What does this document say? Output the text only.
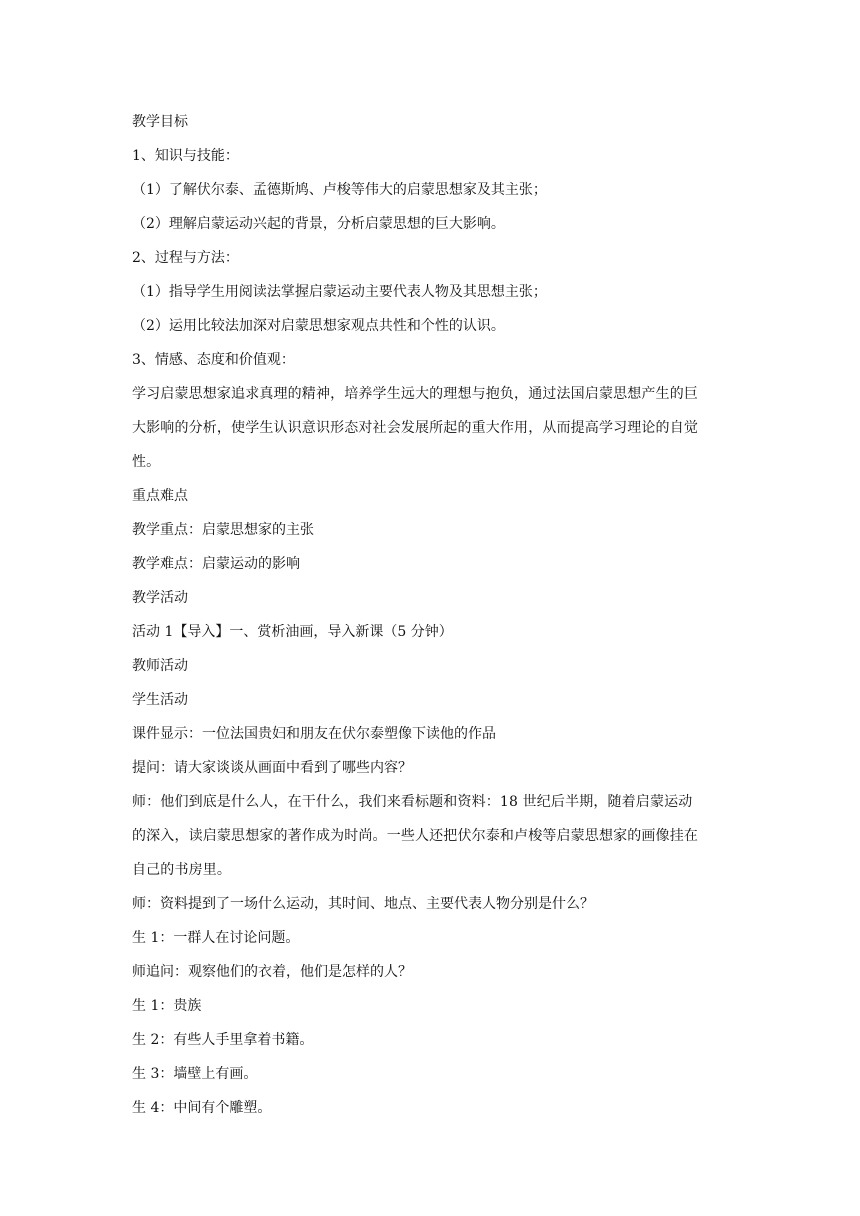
教学目标
1、知识与技能：
（1）了解伏尔泰、孟德斯鸠、卢梭等伟大的启蒙思想家及其主张；
（2）理解启蒙运动兴起的背景，分析启蒙思想的巨大影响。
2、过程与方法：
（1）指导学生用阅读法掌握启蒙运动主要代表人物及其思想主张；
（2）运用比较法加深对启蒙思想家观点共性和个性的认识。
3、情感、态度和价值观：
学习启蒙思想家追求真理的精神，培养学生远大的理想与抱负，通过法国启蒙思想产生的巨
大影响的分析，使学生认识意识形态对社会发展所起的重大作用，从而提高学习理论的自觉
性。
重点难点
教学重点：启蒙思想家的主张
教学难点：启蒙运动的影响
教学活动
活动 1【导入】一、赏析油画，导入新课（5 分钟）
教师活动
学生活动
课件显示：一位法国贵妇和朋友在伏尔泰塑像下读他的作品
提问：请大家谈谈从画面中看到了哪些内容？
师：他们到底是什么人，在干什么，我们来看标题和资料：18 世纪后半期，随着启蒙运动
的深入，读启蒙思想家的著作成为时尚。一些人还把伏尔泰和卢梭等启蒙思想家的画像挂在
自己的书房里。
师：资料提到了一场什么运动，其时间、地点、主要代表人物分别是什么？
生 1：一群人在讨论问题。
师追问：观察他们的衣着，他们是怎样的人？
生 1：贵族
生 2：有些人手里拿着书籍。
生 3：墙壁上有画。
生 4：中间有个雕塑。
